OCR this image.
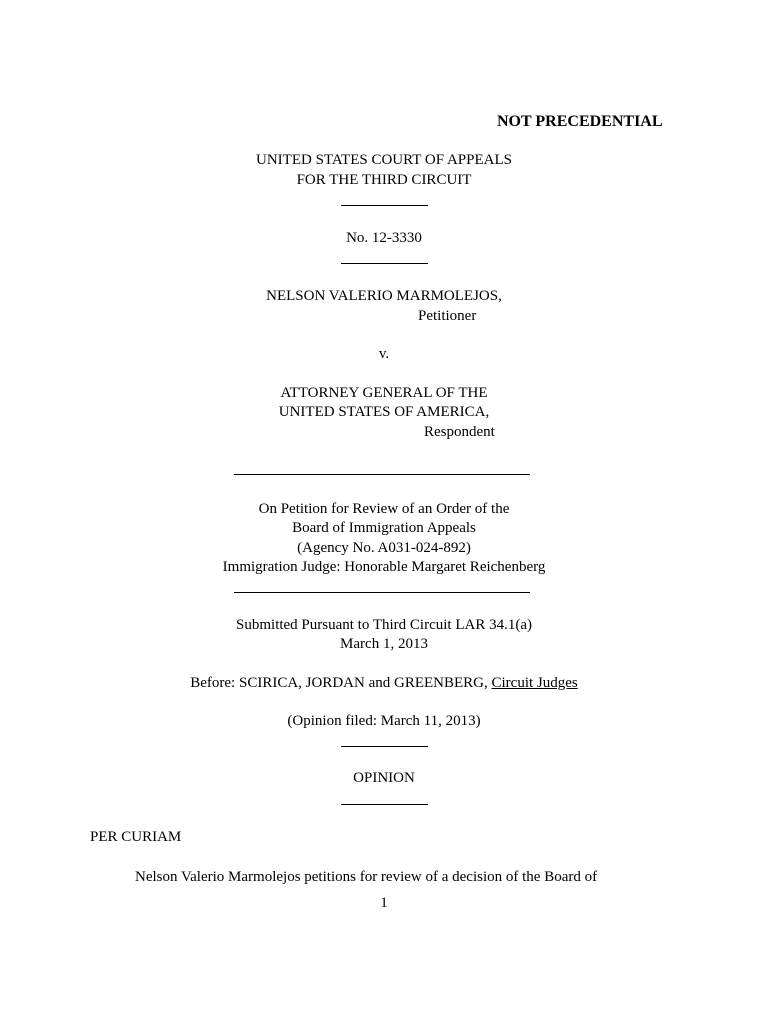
NOT PRECEDENTIAL
UNITED STATES COURT OF APPEALS
FOR THE THIRD CIRCUIT
No. 12-3330
NELSON VALERIO MARMOLEJOS,
Petitioner
v.
ATTORNEY GENERAL OF THE
UNITED STATES OF AMERICA,
Respondent
On Petition for Review of an Order of the
Board of Immigration Appeals
(Agency No. A031-024-892)
Immigration Judge: Honorable Margaret Reichenberg
Submitted Pursuant to Third Circuit LAR 34.1(a)
March 1, 2013
Before: SCIRICA, JORDAN and GREENBERG, Circuit Judges
(Opinion filed: March 11, 2013)
OPINION
PER CURIAM
Nelson Valerio Marmolejos petitions for review of a decision of the Board of
1
